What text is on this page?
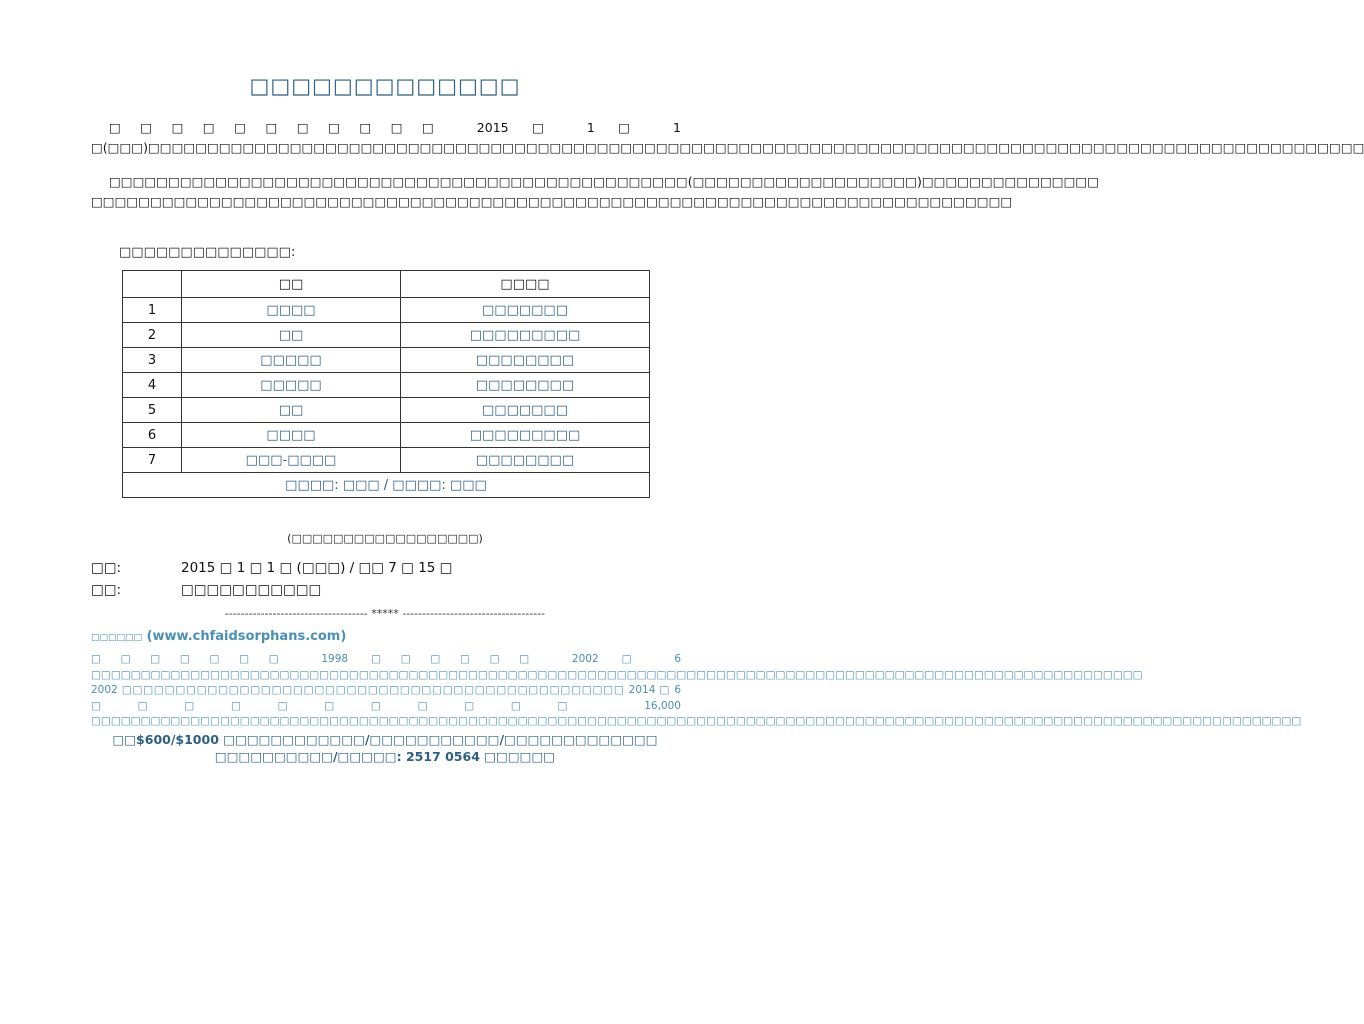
□□□□□□□□□□□□□
□□□□□□□□□□□ 2015 □ 1 □ 1 □(□□□)□□□□□□□□□□□□□□□□□□□□□□□□□□□□□□□□□□□□□□□□□□□□□□□□□□□□□□□□□□□□□□□□□□□□□□□□□□□□□□□□□□□□□□□□□□□□□□□□□□□□□□□
□□□□□□□□□□□□□□□□□□□□□□□□□□□□□□□□□□□□□□□□□□□□□□□□□(□□□□□□□□□□□□□□□□□□□)□□□□□□□□□□□□□□□ □□□□□□□□□□□□□□□□□□□□□□□□□□□□□□□□□□□□□□□□□□□□□□□□□□□□□□□□□□□□□□□□□□□□□□□□□□□□□□
□□□□□□□□□□□□□□:
	□□	□□□□
1	□□□□	□□□□□□□
2	□□	□□□□□□□□□
3	□□□□□	□□□□□□□□
4	□□□□□	□□□□□□□□
5	□□	□□□□□□□
6	□□□□	□□□□□□□□□
7	□□□-□□□□	□□□□□□□□
□□□□: □□□ / □□□□: □□□		
(□□□□□□□□□□□□□□□□□□)
□□:	2015 □ 1 □ 1 □ (□□□) / □□ 7 □ 15 □
□□:	□□□□□□□□□□□
------------------------------------ ***** ------------------------------------
□□□□□□ (www.chfaidsorphans.com)
□□□□□□□ 1998 □□□□□□ 2002 □ 6 □□□□□□□□□□□□□□□□□□□□□□□□□□□□□□□□□□□□□□□□□□□□□□□□□□□□□□□□□□□□□□□□□□□□□□□□□□□□□□□□□□□□□□□□□□□□□□□□□□□□□□□□□□ 2002 □□□□□□□□□□□□□□□□□□□□□□□□□□□□□□□□□□□□□□□□□□□□□□□ 2014 □ 6 □□□□□□□□□□□ 16,000 □□□□□□□□□□□□□□□□□□□□□□□□□□□□□□□□□□□□□□□□□□□□□□□□□□□□□□□□□□□□□□□□□□□□□□□□□□□□□□□□□□□□□□□□□□□□□□□□□□□□□□□□□□□□□□□□□□□□□□□□□□
□□$600/$1000 □□□□□□□□□□□□/□□□□□□□□□□□/□□□□□□□□□□□□□
□□□□□□□□□□/□□□□□: 2517 0564 □□□□□□
